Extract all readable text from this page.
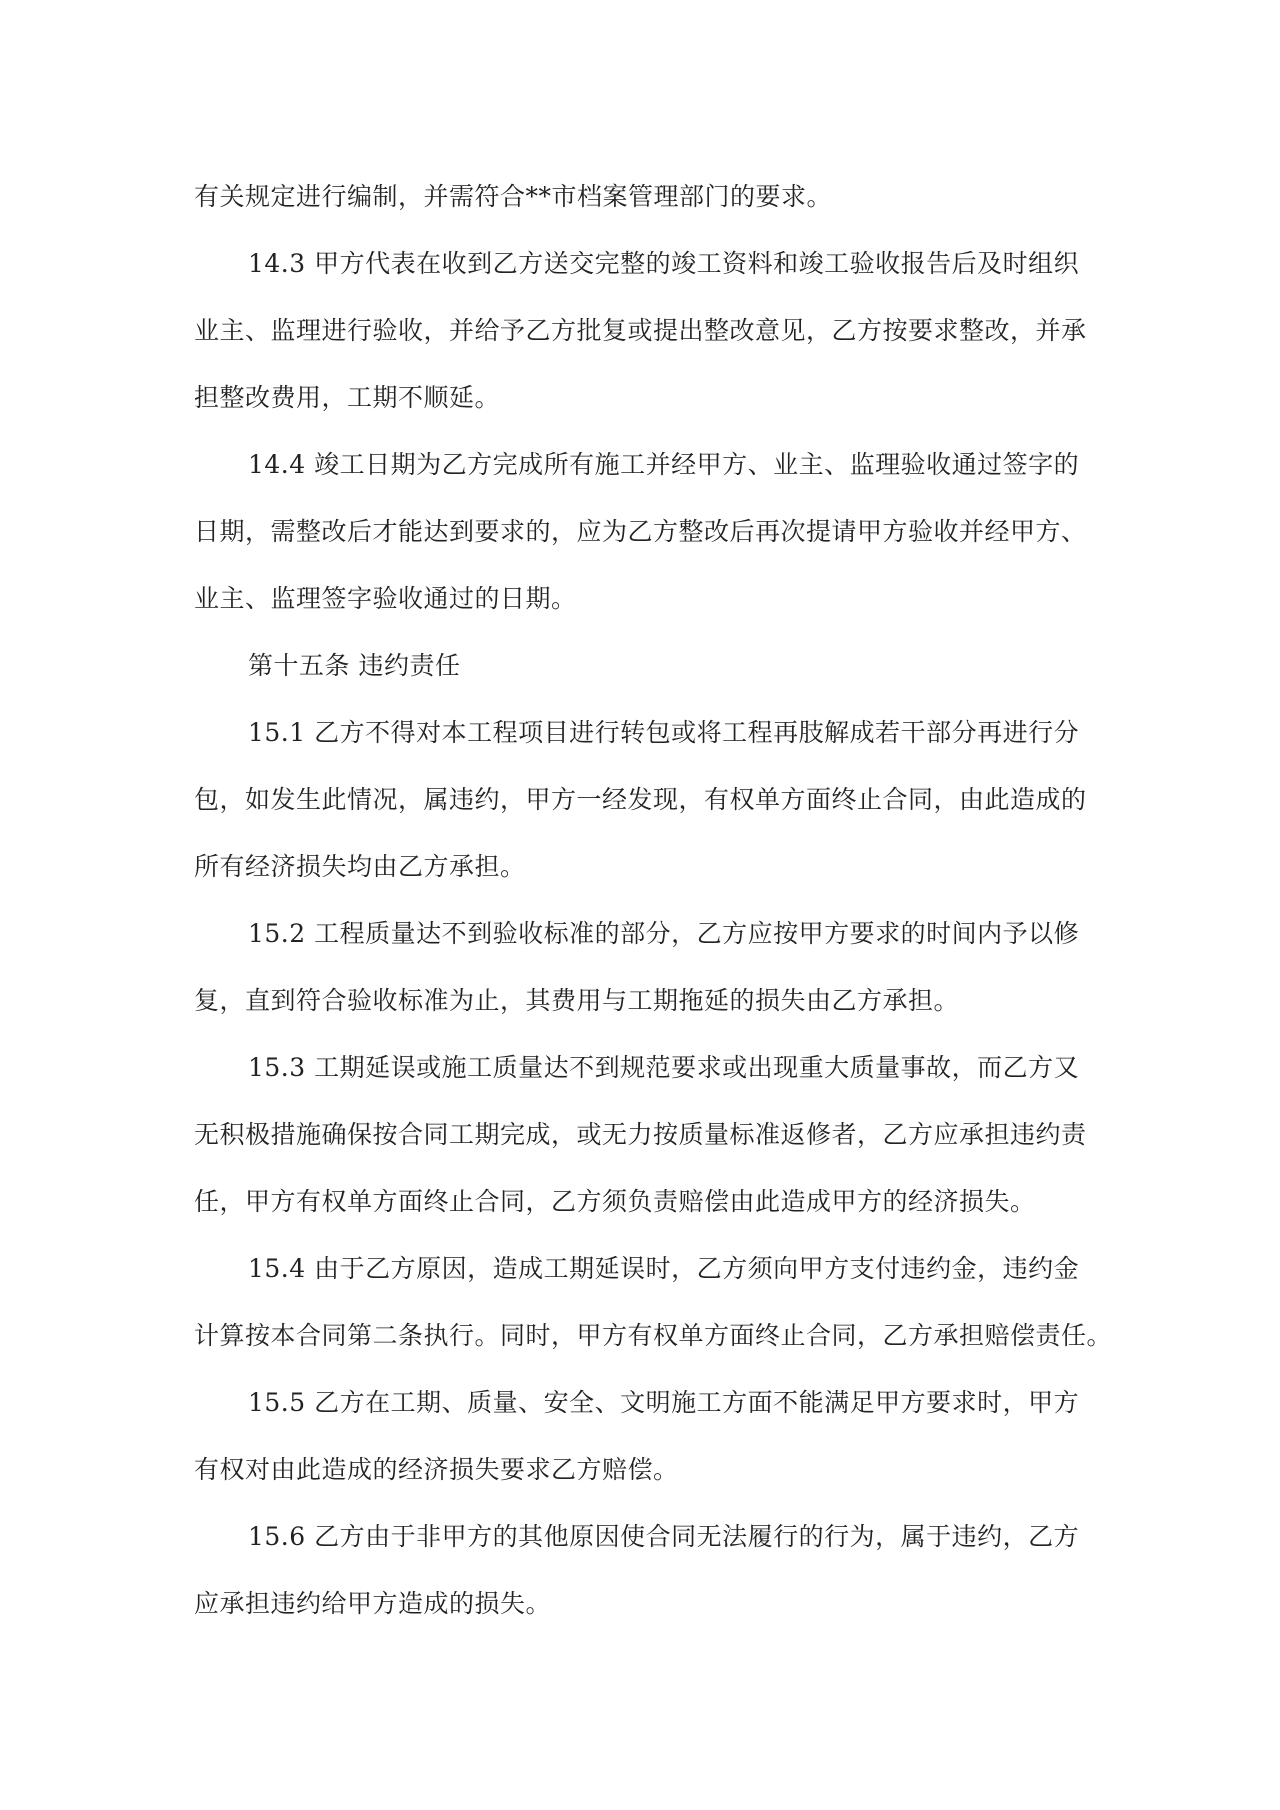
有关规定进行编制，并需符合**市档案管理部门的要求。
14.3 甲方代表在收到乙方送交完整的竣工资料和竣工验收报告后及时组织
业主、监理进行验收，并给予乙方批复或提出整改意见，乙方按要求整改，并承
担整改费用，工期不顺延。
14.4 竣工日期为乙方完成所有施工并经甲方、业主、监理验收通过签字的
日期，需整改后才能达到要求的，应为乙方整改后再次提请甲方验收并经甲方、
业主、监理签字验收通过的日期。
第十五条 违约责任
15.1 乙方不得对本工程项目进行转包或将工程再肢解成若干部分再进行分
包，如发生此情况，属违约，甲方一经发现，有权单方面终止合同，由此造成的
所有经济损失均由乙方承担。
15.2 工程质量达不到验收标准的部分，乙方应按甲方要求的时间内予以修
复，直到符合验收标准为止，其费用与工期拖延的损失由乙方承担。
15.3 工期延误或施工质量达不到规范要求或出现重大质量事故，而乙方又
无积极措施确保按合同工期完成，或无力按质量标准返修者，乙方应承担违约责
任，甲方有权单方面终止合同，乙方须负责赔偿由此造成甲方的经济损失。
15.4 由于乙方原因，造成工期延误时，乙方须向甲方支付违约金，违约金
计算按本合同第二条执行。同时，甲方有权单方面终止合同，乙方承担赔偿责任。
15.5 乙方在工期、质量、安全、文明施工方面不能满足甲方要求时，甲方
有权对由此造成的经济损失要求乙方赔偿。
15.6 乙方由于非甲方的其他原因使合同无法履行的行为，属于违约，乙方
应承担违约给甲方造成的损失。
